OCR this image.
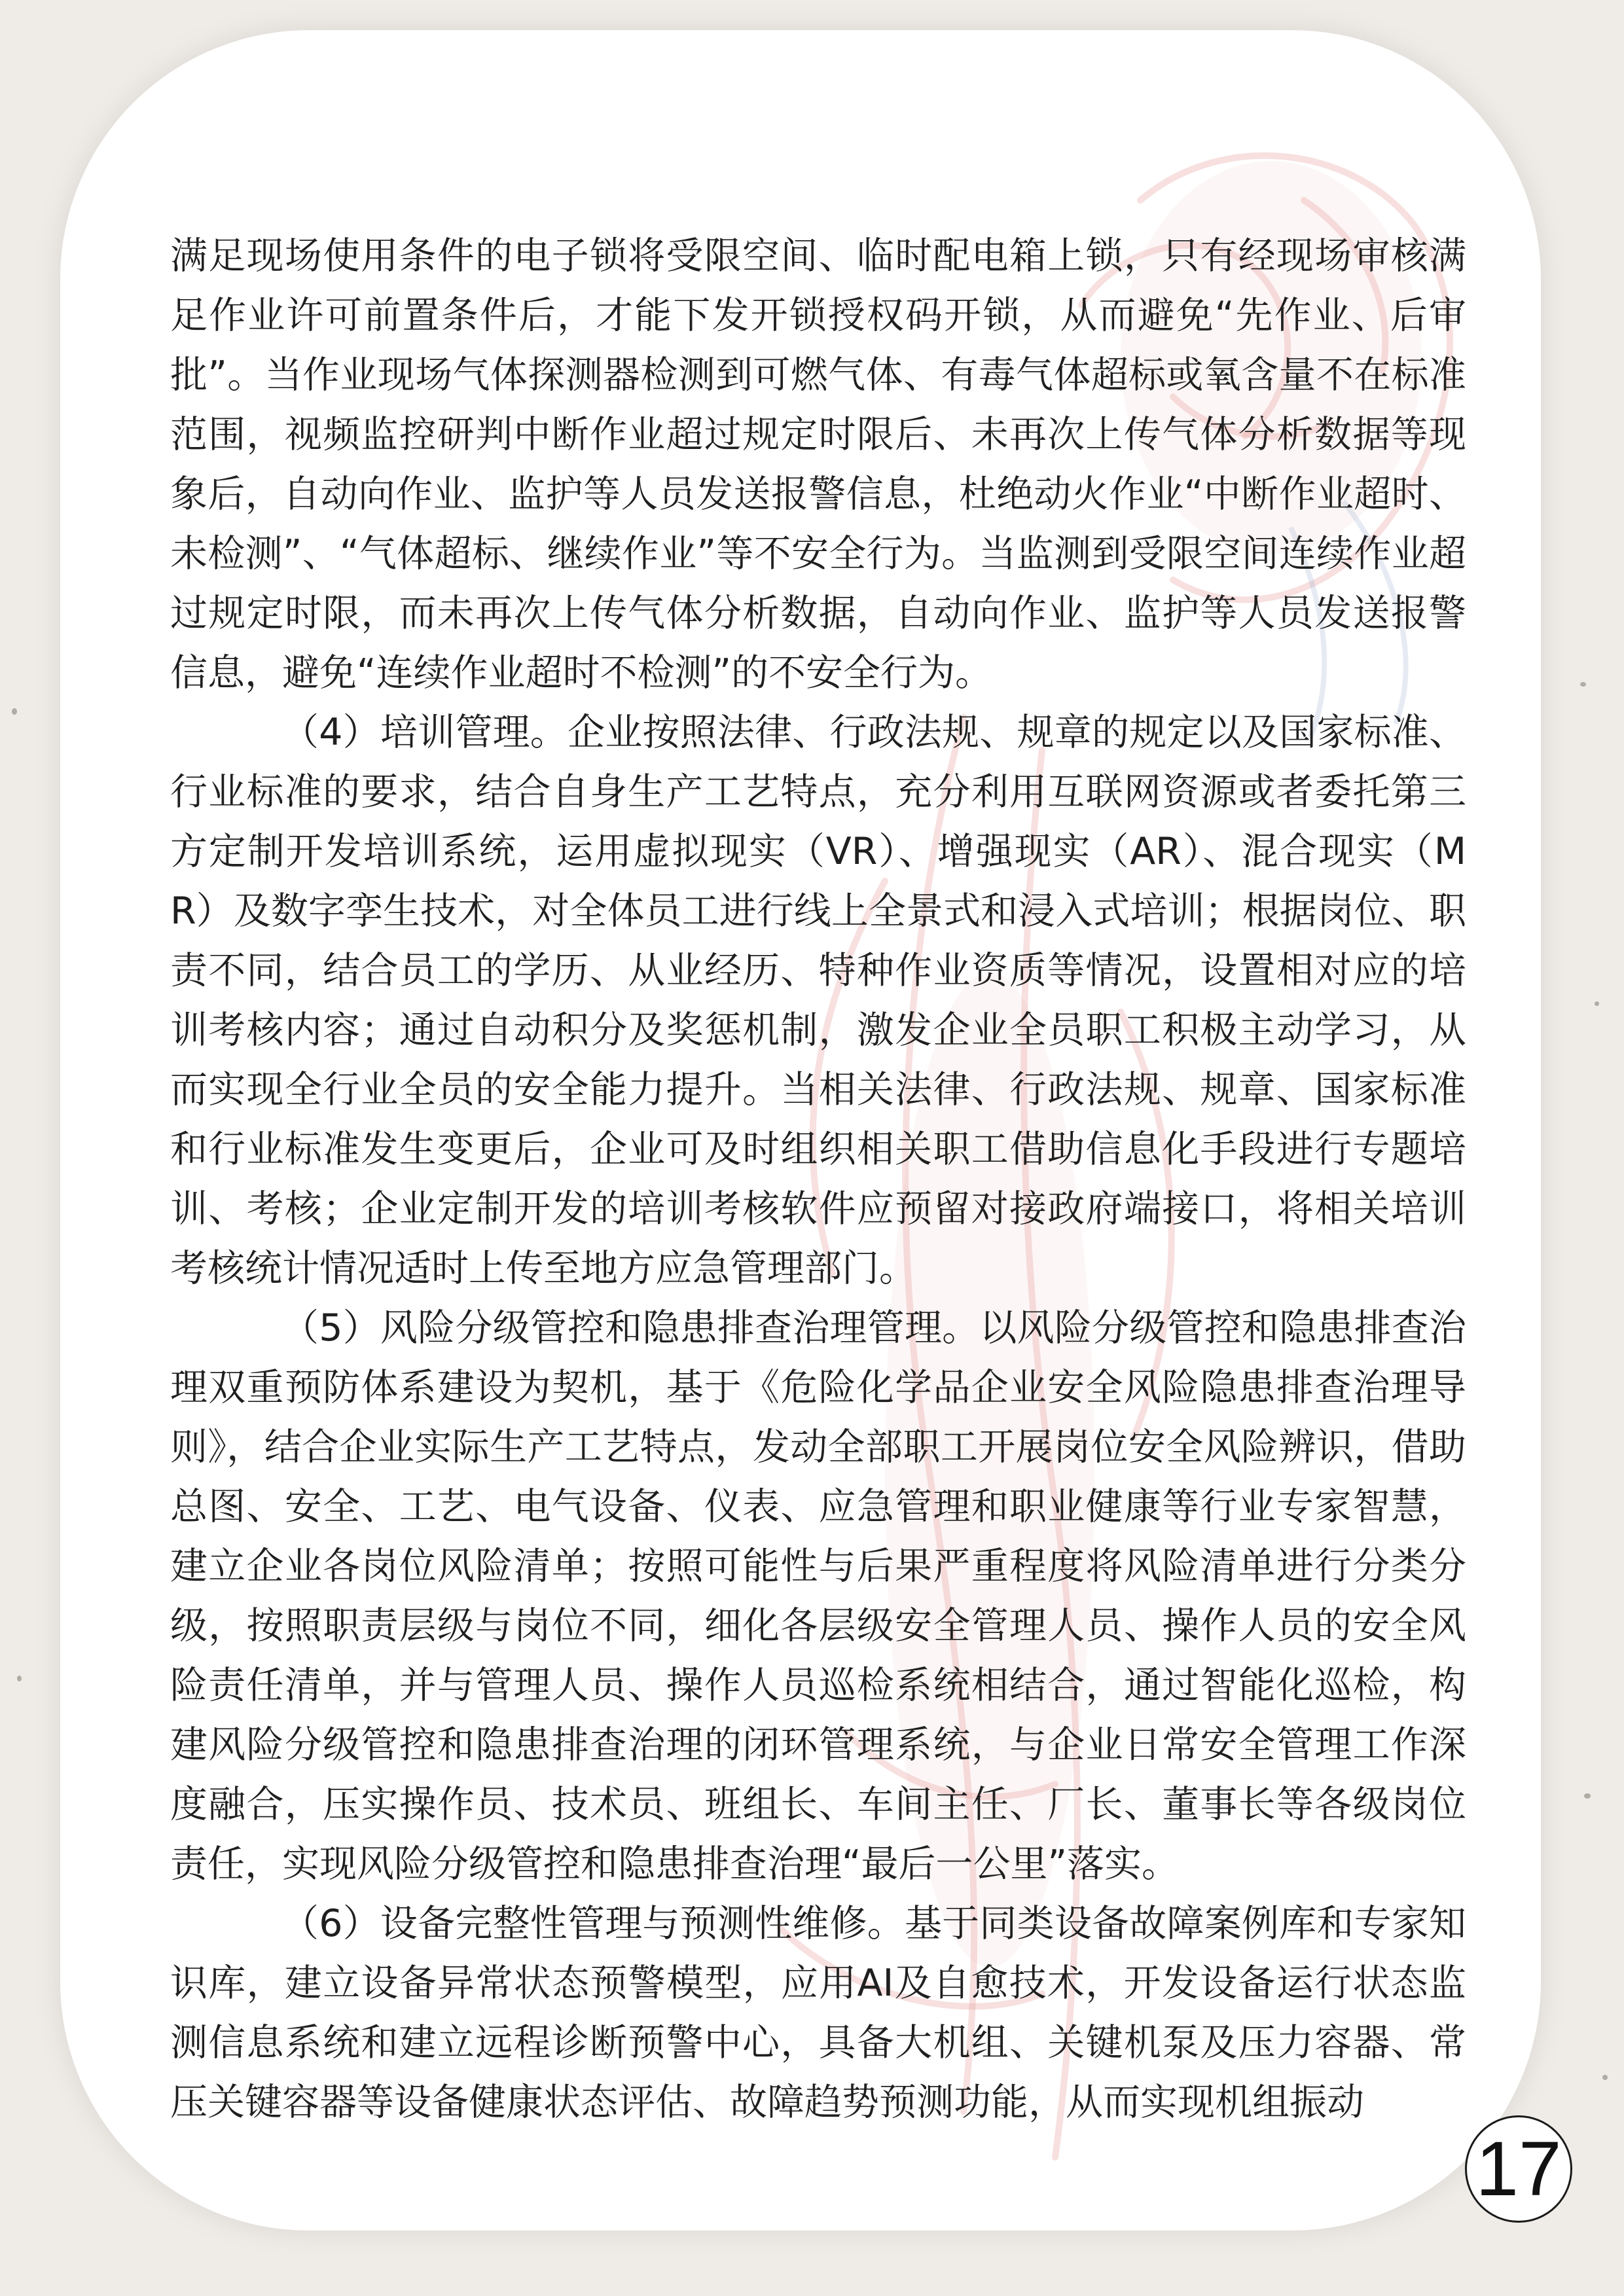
满足现场使用条件的电子锁将受限空间、临时配电箱上锁，只有经现场审核满足作业许可前置条件后，才能下发开锁授权码开锁，从而避免“先作业、后审批”。当作业现场气体探测器检测到可燃气体、有毒气体超标或氧含量不在标准范围，视频监控研判中断作业超过规定时限后、未再次上传气体分析数据等现象后，自动向作业、监护等人员发送报警信息，杜绝动火作业“中断作业超时、未检测”、“气体超标、继续作业”等不安全行为。当监测到受限空间连续作业超过规定时限，而未再次上传气体分析数据，自动向作业、监护等人员发送报警信息，避免“连续作业超时不检测”的不安全行为。

（4）培训管理。企业按照法律、行政法规、规章的规定以及国家标准、行业标准的要求，结合自身生产工艺特点，充分利用互联网资源或者委托第三方定制开发培训系统，运用虚拟现实（VR）、增强现实（AR）、混合现实（MR）及数字孪生技术，对全体员工进行线上全景式和浸入式培训；根据岗位、职责不同，结合员工的学历、从业经历、特种作业资质等情况，设置相对应的培训考核内容；通过自动积分及奖惩机制，激发企业全员职工积极主动学习，从而实现全行业全员的安全能力提升。当相关法律、行政法规、规章、国家标准和行业标准发生变更后，企业可及时组织相关职工借助信息化手段进行专题培训、考核；企业定制开发的培训考核软件应预留对接政府端接口，将相关培训考核统计情况适时上传至地方应急管理部门。

（5）风险分级管控和隐患排查治理管理。以风险分级管控和隐患排查治理双重预防体系建设为契机，基于《危险化学品企业安全风险隐患排查治理导则》，结合企业实际生产工艺特点，发动全部职工开展岗位安全风险辨识，借助总图、安全、工艺、电气设备、仪表、应急管理和职业健康等行业专家智慧，建立企业各岗位风险清单；按照可能性与后果严重程度将风险清单进行分类分级，按照职责层级与岗位不同，细化各层级安全管理人员、操作人员的安全风险责任清单，并与管理人员、操作人员巡检系统相结合，通过智能化巡检，构建风险分级管控和隐患排查治理的闭环管理系统，与企业日常安全管理工作深度融合，压实操作员、技术员、班组长、车间主任、厂长、董事长等各级岗位责任，实现风险分级管控和隐患排查治理“最后一公里”落实。

（6）设备完整性管理与预测性维修。基于同类设备故障案例库和专家知识库，建立设备异常状态预警模型，应用AI及自愈技术，开发设备运行状态监测信息系统和建立远程诊断预警中心，具备大机组、关键机泵及压力容器、常压关键容器等设备健康状态评估、故障趋势预测功能，从而实现机组振动

17
